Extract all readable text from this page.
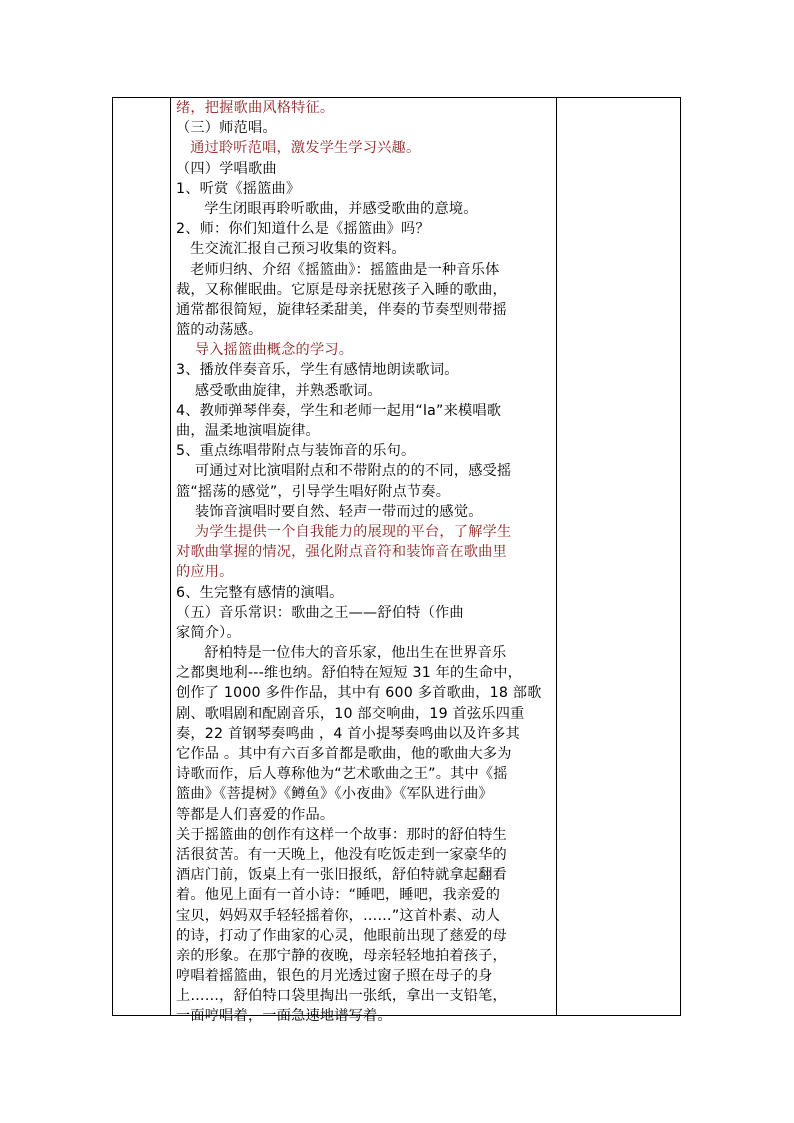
绪，把握歌曲风格特征。
（三）师范唱。
通过聆听范唱，激发学生学习兴趣。
（四）学唱歌曲
1、听赏《摇篮曲》
学生闭眼再聆听歌曲，并感受歌曲的意境。
2、师：你们知道什么是《摇篮曲》吗？
生交流汇报自己预习收集的资料。
老师归纳、介绍《摇篮曲》：摇篮曲是一种音乐体
裁，又称催眠曲。它原是母亲抚慰孩子入睡的歌曲，
通常都很简短，旋律轻柔甜美，伴奏的节奏型则带摇
篮的动荡感。
导入摇篮曲概念的学习。
3、播放伴奏音乐，学生有感情地朗读歌词。
感受歌曲旋律，并熟悉歌词。
4、教师弹琴伴奏，学生和老师一起用“la”来模唱歌
曲，温柔地演唱旋律。
5、重点练唱带附点与装饰音的乐句。
可通过对比演唱附点和不带附点的的不同，感受摇
篮“摇荡的感觉”，引导学生唱好附点节奏。
装饰音演唱时要自然、轻声一带而过的感觉。
为学生提供一个自我能力的展现的平台，了解学生
对歌曲掌握的情况，强化附点音符和装饰音在歌曲里
的应用。
6、生完整有感情的演唱。
（五）音乐常识：歌曲之王——舒伯特（作曲
家简介）。
舒柏特是一位伟大的音乐家，他出生在世界音乐
之都奥地利---维也纳。舒伯特在短短 31 年的生命中，
创作了 1000 多件作品，其中有 600 多首歌曲，18 部歌
剧、歌唱剧和配剧音乐，10 部交响曲，19 首弦乐四重
奏，22 首钢琴奏鸣曲 ，4 首小提琴奏鸣曲以及许多其
它作品 。其中有六百多首都是歌曲，他的歌曲大多为
诗歌而作，后人尊称他为“艺术歌曲之王”。其中《摇
篮曲》《菩提树》《鳟鱼》《小夜曲》《军队进行曲》
等都是人们喜爱的作品。
关于摇篮曲的创作有这样一个故事：那时的舒伯特生
活很贫苦。有一天晚上，他没有吃饭走到一家豪华的
酒店门前，饭桌上有一张旧报纸，舒伯特就拿起翻看
着。他见上面有一首小诗：“睡吧，睡吧，我亲爱的
宝贝，妈妈双手轻轻摇着你，……”这首朴素、动人
的诗，打动了作曲家的心灵，他眼前出现了慈爱的母
亲的形象。在那宁静的夜晚，母亲轻轻地拍着孩子，
哼唱着摇篮曲，银色的月光透过窗子照在母子的身
上……，舒伯特口袋里掏出一张纸，拿出一支铅笔，
一面哼唱着，一面急速地谱写着。
